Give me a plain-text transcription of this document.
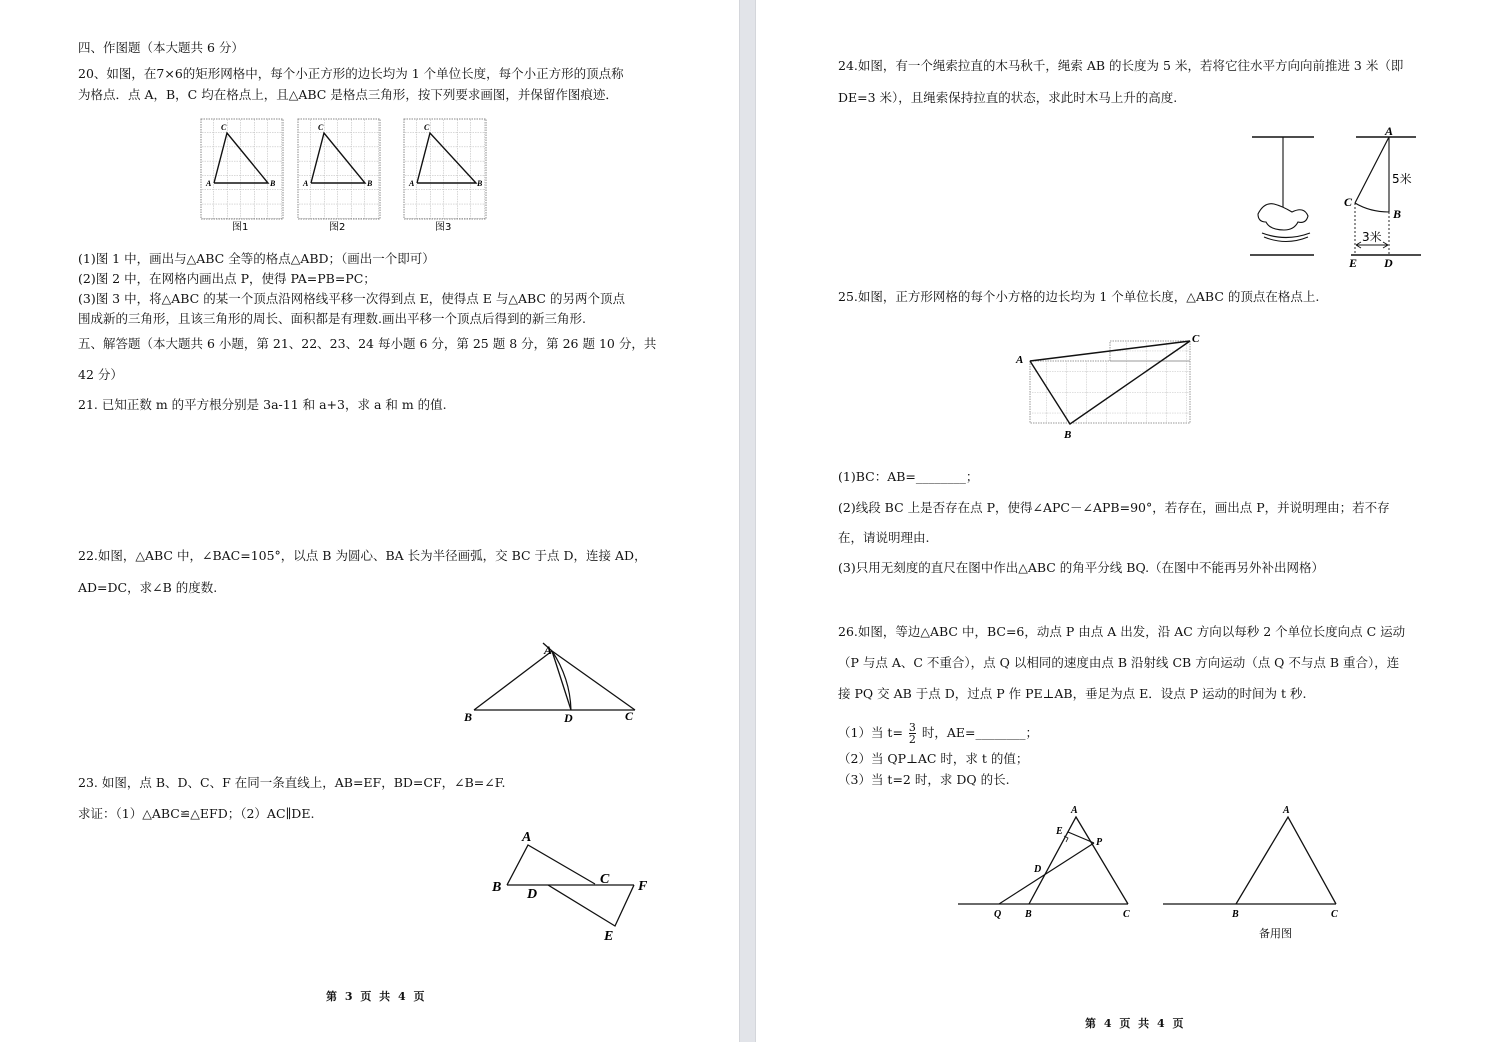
四、作图题（本大题共 6 分）
20、如图，在7×6的矩形网格中，每个小正方形的边长均为 1 个单位长度，每个小正方形的顶点称
为格点．点 A，B，C 均在格点上，且△ABC 是格点三角形，按下列要求画图，并保留作图痕迹．
A	B
C
图1
A	B
C
图2
A	B
C
图3
(1)图 1 中，画出与△ABC 全等的格点△ABD；（画出一个即可）
(2)图 2 中，在网格内画出点 P，使得 PA=PB=PC；
(3)图 3 中，将△ABC 的某一个顶点沿网格线平移一次得到点 E，使得点 E 与△ABC 的另两个顶点
围成新的三角形，且该三角形的周长、面积都是有理数.画出平移一个顶点后得到的新三角形.
五、解答题（本大题共 6 小题，第 21、22、23、24 每小题 6 分，第 25 题 8 分，第 26 题 10 分，共
42 分）
21. 已知正数 m 的平方根分别是 3a-11 和 a+3，求 a 和 m 的值.
22.如图，△ABC 中，∠BAC=105°，以点 B 为圆心、BA 长为半径画弧，交 BC 于点 D，连接 AD，
AD=DC，求∠B 的度数.
A
B	C
D
23. 如图，点 B、D、C、F 在同一条直线上，AB=EF，BD=CF，∠B=∠F.
求证：（1）△ABC≌△EFD；（2）AC∥DE.
A
B
C
D
E
F
第 3 页 共 4 页
24.如图，有一个绳索拉直的木马秋千，绳索 AB 的长度为 5 米，若将它往水平方向向前推进 3 米（即
DE=3 米），且绳索保持拉直的状态，求此时木马上升的高度.
A
B
C
D
E
5米
3米
25.如图，正方形网格的每个小方格的边长均为 1 个单位长度，△ABC 的顶点在格点上.
A
B
C
(1)BC：AB=________；
(2)线段 BC 上是否存在点 P，使得∠APC－∠APB=90°，若存在，画出点 P，并说明理由；若不存
在，请说明理由.
(3)只用无刻度的直尺在图中作出△ABC 的角平分线 BQ.（在图中不能再另外补出网格）
26.如图，等边△ABC 中，BC=6，动点 P 由点 A 出发，沿 AC 方向以每秒 2 个单位长度向点 C 运动
（P 与点 A、C 不重合），点 Q 以相同的速度由点 B 沿射线 CB 方向运动（点 Q 不与点 B 重合），连
接 PQ 交 AB 于点 D，过点 P 作 PE⊥AB，垂足为点 E．设点 P 运动的时间为 t 秒.
（1）当 $t= \frac{3}{2}$ 时，AE=________；
（2）当 QP⊥AC 时，求 t 的值；
（3）当 t=2 时，求 DQ 的长.
A
B	C
D
E
P
Q
A
B	C
备用图
第 4 页 共 4 页
